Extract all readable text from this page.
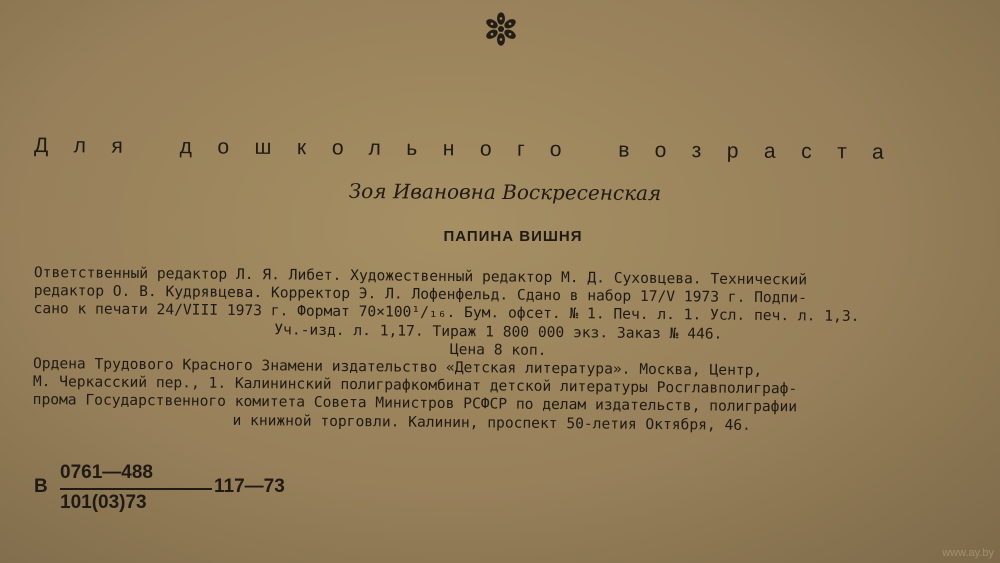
Для дошкольного возраста
Зоя Ивановна Воскресенская
ПАПИНА ВИШНЯ
Ответственный редактор Л. Я. Либет. Художественный редактор М. Д. Суховцева. Технический
редактор О. В. Кудрявцева. Корректор Э. Л. Лофенфельд. Сдано в набор 17/V 1973 г. Подпи-
сано к печати 24/VIII 1973 г. Формат 70×100¹/₁₆. Бум. офсет. № 1. Печ. л. 1. Усл. печ. л. 1,3.
Уч.-изд. л. 1,17. Тираж 1 800 000 экз. Заказ № 446.
Цена 8 коп.
Ордена Трудового Красного Знамени издательство «Детская литература». Москва, Центр,
М. Черкасский пер., 1. Калининский полиграфкомбинат детской литературы Росглавполиграф-
прома Государственного комитета Совета Министров РСФСР по делам издательств, полиграфии
и книжной торговли. Калинин, проспект 50-летия Октября, 46.
В
0761—488
101(03)73
117—73
www.ay.by
